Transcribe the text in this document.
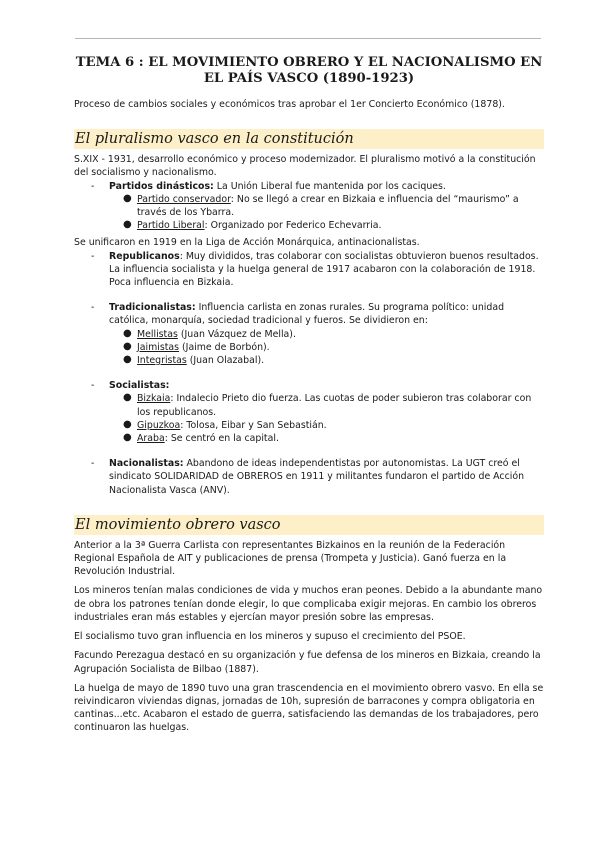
TEMA 6 : EL MOVIMIENTO OBRERO Y EL NACIONALISMO EN EL PAÍS VASCO (1890-1923)

Proceso de cambios sociales y económicos tras aprobar el 1er Concierto Económico (1878).

El pluralismo vasco en la constitución

S.XIX - 1931, desarrollo económico y proceso modernizador. El pluralismo motivó a la constitución del socialismo y nacionalismo.

- Partidos dinásticos: La Unión Liberal fue mantenida por los caciques.
● Partido conservador: No se llegó a crear en Bizkaia e influencia del “maurismo” a través de los Ybarra.
● Partido Liberal: Organizado por Federico Echevarria.

Se unificaron en 1919 en la Liga de Acción Monárquica, antinacionalistas.

- Republicanos: Muy divididos, tras colaborar con socialistas obtuvieron buenos resultados. La influencia socialista y la huelga general de 1917 acabaron con la colaboración de 1918. Poca influencia en Bizkaia.
- Tradicionalistas: Influencia carlista en zonas rurales. Su programa político: unidad católica, monarquía, sociedad tradicional y fueros. Se dividieron en:
● Mellistas (Juan Vázquez de Mella).
● Jaimistas (Jaime de Borbón).
● Integristas (Juan Olazabal).
- Socialistas:
● Bizkaia: Indalecio Prieto dio fuerza. Las cuotas de poder subieron tras colaborar con los republicanos.
● Gipuzkoa: Tolosa, Eibar y San Sebastián.
● Araba: Se centró en la capital.
- Nacionalistas: Abandono de ideas independentistas por autonomistas. La UGT creó el sindicato SOLIDARIDAD de OBREROS en 1911 y militantes fundaron el partido de Acción Nacionalista Vasca (ANV).
El movimiento obrero vasco

Anterior a la 3ª Guerra Carlista con representantes Bizkainos en la reunión de la Federación Regional Española de AIT y publicaciones de prensa (Trompeta y Justicia). Ganó fuerza en la Revolución Industrial.

Los mineros tenían malas condiciones de vida y muchos eran peones. Debido a la abundante mano de obra los patrones tenían donde elegir, lo que complicaba exigir mejoras. En cambio los obreros industriales eran más estables y ejercían mayor presión sobre las empresas.

El socialismo tuvo gran influencia en los mineros y supuso el crecimiento del PSOE.

Facundo Perezagua destacó en su organización y fue defensa de los mineros en Bizkaia, creando la Agrupación Socialista de Bilbao (1887).

La huelga de mayo de 1890 tuvo una gran trascendencia en el movimiento obrero vasvo. En ella se reivindicaron viviendas dignas, jornadas de 10h, supresión de barracones y compra obligatoria en cantinas...etc. Acabaron el estado de guerra, satisfaciendo las demandas de los trabajadores, pero continuaron las huelgas.
